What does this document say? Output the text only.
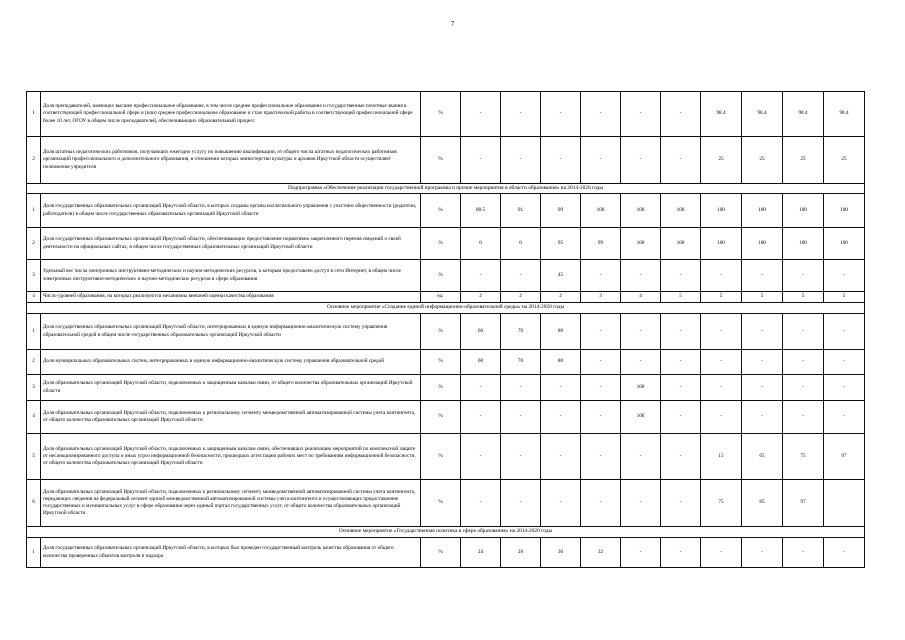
7
1	Доля преподавателей, имеющих высшее профессиональное образование, в том числе среднее профессиональное образование и государственные почетные звания в соответствующей профессиональной сфере и (или) среднее профессиональное образование и стаж практической работы в соответствующей профессиональной сфере более 10 лет, ОГОУ в общем числе преподавателей, обеспечивающих образовательный процесс	%	-	-	-	-	-	-	98.4	98.4	98.4	98.4
2	Доля штатных педагогических работников, получающих ежегодно услугу по повышению квалификации, от общего числа штатных педагогических работников организаций профессионального и дополнительного образования, в отношении которых министерство культуры и архивов Иркутской области осуществляет полномочия учредителя	%	-	-	-	-	-	-	25	25	25	25
Подпрограмма «Обеспечение реализации государственной программы и прочие мероприятия в области образования» на 2014-2020 годы												
1	Доля государственных образовательных организаций Иркутской области, в которых созданы органы коллегиального управления с участием общественности (родители, работодатели) в общем числе государственных образовательных организаций Иркутской области	%	88.5	91	99	100	100	100	100	100	100	100
2	Доля государственных образовательных организаций Иркутской области, обеспечивающих предоставление нормативно закрепленного перечня сведений о своей деятельности на официальных сайтах, в общем числе государственных образовательных организаций Иркутской области	%	0	0	95	99	100	100	100	100	100	100
3	Удельный вес числа электронных инструктивно-методических и научно-методических ресурсов, к которым предоставлен доступ в сети Интернет, в общем числе электронных инструктивно-методических и научно-методических ресурсов в сфере образования	%	-	-	45	-	-	-	-	-	-	-
4	Число уровней образования, на которых реализуются механизмы внешней оценки качества образования	ед.	2	2	2	3	4	5	5	5	5	5
Основное мероприятие «Создание единой информационно-образовательной среды» на 2014-2020 годы												
1	Доля государственных образовательных организаций Иркутской области, интегрированных в единую информационно-аналитическую систему управления образовательной средой в общем числе государственных образовательных организаций Иркутской области	%	60	70	80	-	-	-	-	-	-	-
2	Доля муниципальных образовательных систем, интегрированных в единую информационно-аналитическую систему управления образовательной средой	%	60	70	80	-	-	-	-	-	-	-
3	Доля образовательных организаций Иркутской области, подключенных к защищенным каналам связи, от общего количества образовательных организаций Иркутской области	%	-	-	-	-	100	-	-	-	-	-
4	Доля образовательных организаций Иркутской области, подключенных к региональному сегменту межведомственной автоматизированной системы учета контингента, от общего количества образовательных организаций Иркутской области	%	-	-	-	-	100	-	-	-	-	-
5	Доля образовательных организаций Иркутской области, подключенных к защищенным каналам связи, обеспечивших реализацию мероприятий по комплексной защите от несанкционированного доступа и иных угроз информационной безопасности, прошедших аттестацию рабочих мест по требованиям информационной безопасности, от общего количества образовательных организаций Иркутской области	%	-	-	-	-	-	-	15	65	75	97
6	Доля образовательных организаций Иркутской области, подключенных к региональному сегменту межведомственной автоматизированной системы учета контингента, передающих сведения на федеральный сегмент единой межведомственной автоматизированной системы учета контингента и осуществляющих предоставление государственных и муниципальных услуг в сфере образования через единый портал государственных услуг, от общего количества образовательных организаций Иркутской области	%	-	-	-	-	-	-	75	85	97	
Основное мероприятие «Государственная политика в сфере образования» на 2014-2020 годы												
1	Доля государственных образовательных организаций Иркутской области, в которых был проведен государственный контроль качества образования от общего количества проверенных объектов контроля и надзора	%	24	28	30	32	-	-	-	-	-	-
